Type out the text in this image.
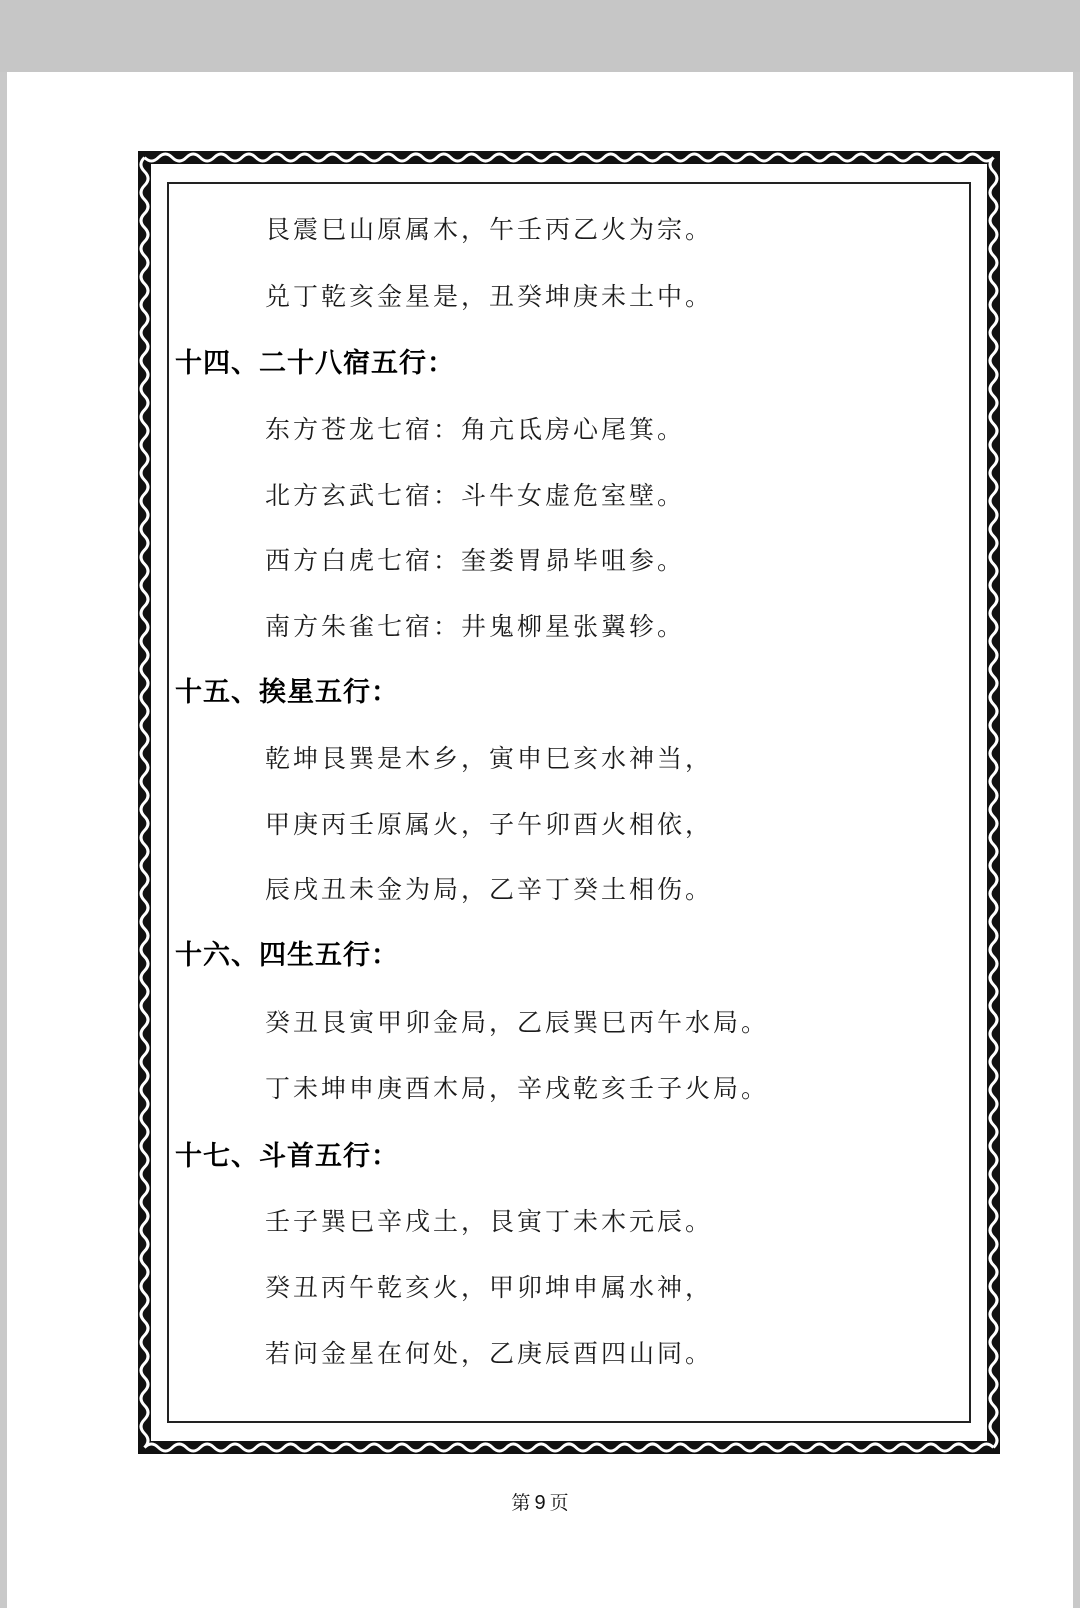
艮震巳山原属木，午壬丙乙火为宗。
兑丁乾亥金星是，丑癸坤庚未土中。
十四、二十八宿五行：
东方苍龙七宿：角亢氐房心尾箕。
北方玄武七宿：斗牛女虚危室壁。
西方白虎七宿：奎娄胃昴毕咀参。
南方朱雀七宿：井鬼柳星张翼轸。
十五、挨星五行：
乾坤艮巽是木乡，寅申巳亥水神当，
甲庚丙壬原属火，子午卯酉火相依，
辰戌丑未金为局，乙辛丁癸土相伤。
十六、四生五行：
癸丑艮寅甲卯金局，乙辰巽巳丙午水局。
丁未坤申庚酉木局，辛戌乾亥壬子火局。
十七、斗首五行：
壬子巽巳辛戌土，艮寅丁未木元辰。
癸丑丙午乾亥火，甲卯坤申属水神，
若问金星在何处，乙庚辰酉四山同。
第 9 页
